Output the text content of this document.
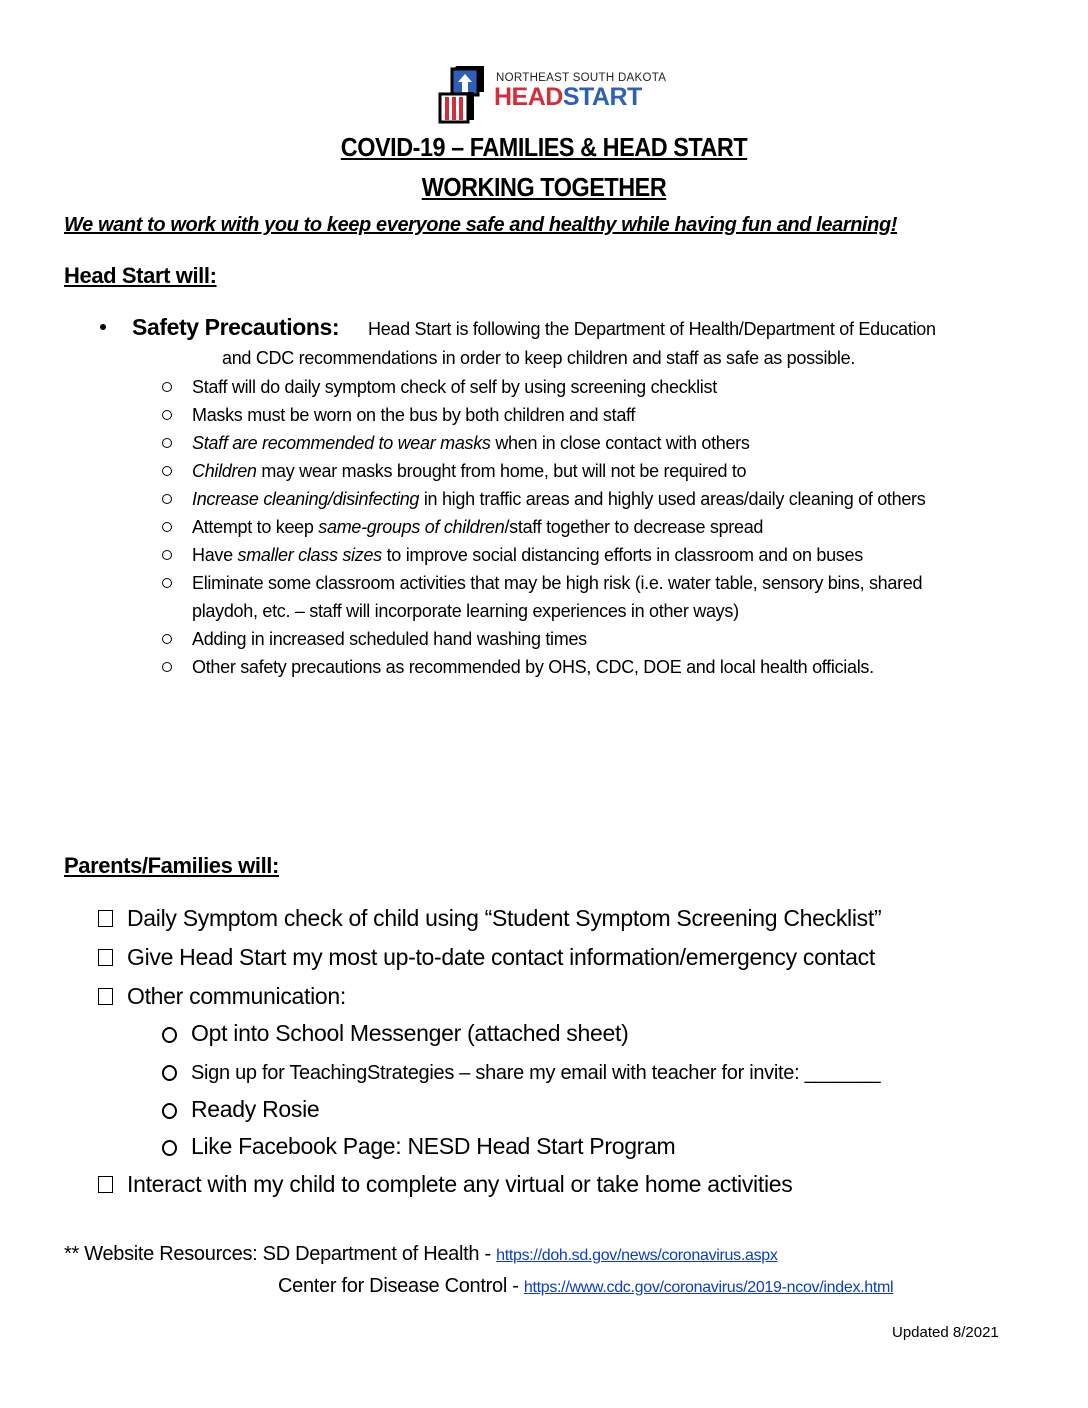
NORTHEAST SOUTH DAKOTA
HEADSTART
COVID-19 – FAMILIES & HEAD START
WORKING TOGETHER
We want to work with you to keep everyone safe and healthy while having fun and learning!
Head Start will:
Safety Precautions: Head Start is following the Department of Health/Department of Education
and CDC recommendations in order to keep children and staff as safe as possible.
Staff will do daily symptom check of self by using screening checklist
Masks must be worn on the bus by both children and staff
Staff are recommended to wear masks when in close contact with others
Children may wear masks brought from home, but will not be required to
Increase cleaning/disinfecting in high traffic areas and highly used areas/daily cleaning of others
Attempt to keep same-groups of children/staff together to decrease spread
Have smaller class sizes to improve social distancing efforts in classroom and on buses
Eliminate some classroom activities that may be high risk (i.e. water table, sensory bins, shared
playdoh, etc. – staff will incorporate learning experiences in other ways)
Adding in increased scheduled hand washing times
Other safety precautions as recommended by OHS, CDC, DOE and local health officials.
Parents/Families will:
Daily Symptom check of child using “Student Symptom Screening Checklist”
Give Head Start my most up-to-date contact information/emergency contact
Other communication:
Opt into School Messenger (attached sheet)
Sign up for TeachingStrategies – share my email with teacher for invite: _______
Ready Rosie
Like Facebook Page: NESD Head Start Program
Interact with my child to complete any virtual or take home activities
** Website Resources: SD Department of Health - https://doh.sd.gov/news/coronavirus.aspx
Center for Disease Control - https://www.cdc.gov/coronavirus/2019-ncov/index.html
Updated 8/2021
